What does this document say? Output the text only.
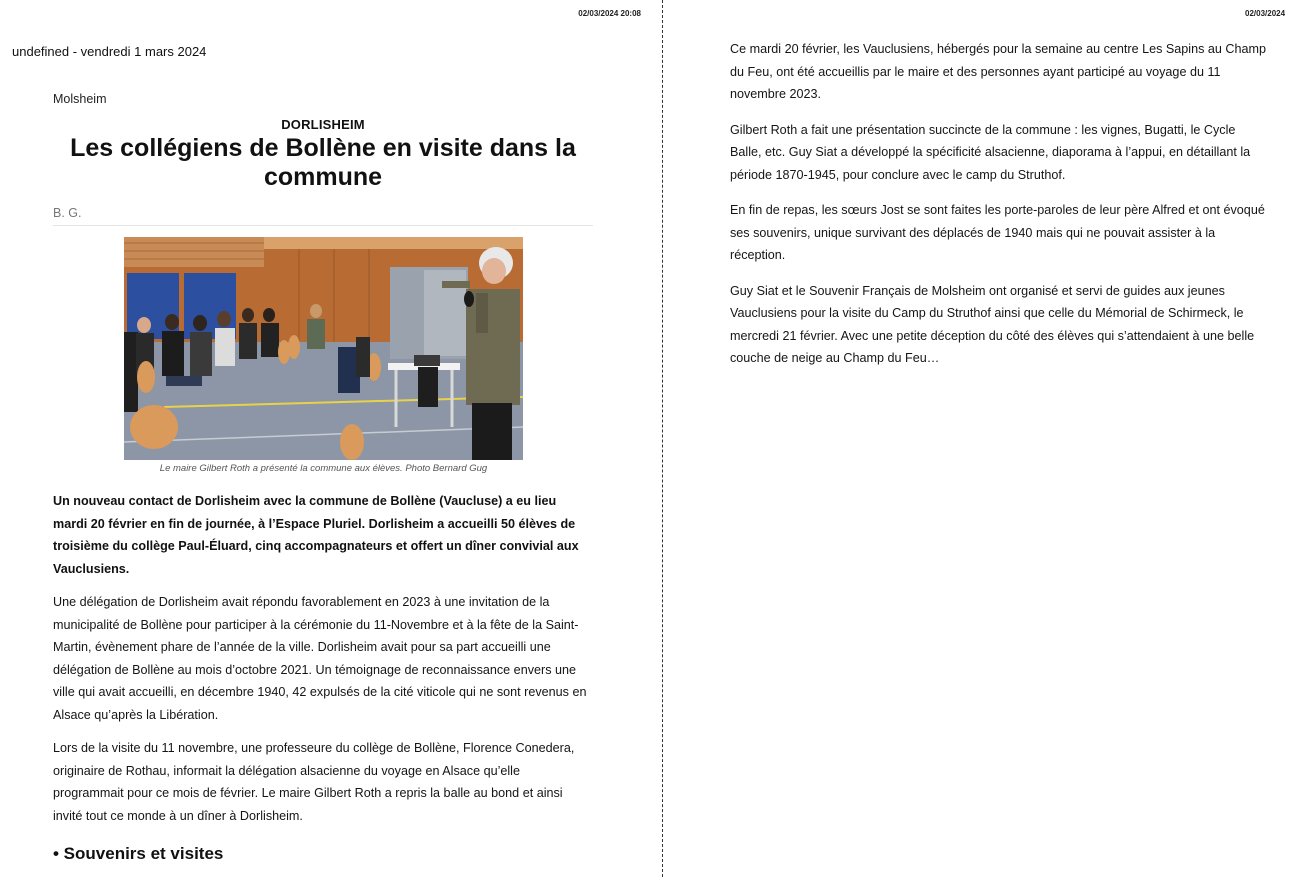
02/03/2024 20:08
undefined - vendredi 1 mars 2024
Molsheim
DORLISHEIM
Les collégiens de Bollène en visite dans la commune
B. G.
Le maire Gilbert Roth a présenté la commune aux élèves. Photo Bernard Gug

Un nouveau contact de Dorlisheim avec la commune de Bollène (Vaucluse) a eu lieu mardi 20 février en fin de journée, à l’Espace Pluriel. Dorlisheim a accueilli 50 élèves de troisième du collège Paul-Éluard, cinq accompagnateurs et offert un dîner convivial aux Vauclusiens.

Une délégation de Dorlisheim avait répondu favorablement en 2023 à une invitation de la municipalité de Bollène pour participer à la cérémonie du 11-Novembre et à la fête de la Saint-Martin, évènement phare de l’année de la ville. Dorlisheim avait pour sa part accueilli une délégation de Bollène au mois d’octobre 2021. Un témoignage de reconnaissance envers une ville qui avait accueilli, en décembre 1940, 42 expulsés de la cité viticole qui ne sont revenus en Alsace qu’après la Libération.

Lors de la visite du 11 novembre, une professeure du collège de Bollène, Florence Conedera, originaire de Rothau, informait la délégation alsacienne du voyage en Alsace qu’elle programmait pour ce mois de février. Le maire Gilbert Roth a repris la balle au bond et ainsi invité tout ce monde à un dîner à Dorlisheim.

• Souvenirs et visites
02/03/2024

Ce mardi 20 février, les Vauclusiens, hébergés pour la semaine au centre Les Sapins au Champ du Feu, ont été accueillis par le maire et des personnes ayant participé au voyage du 11 novembre 2023.

Gilbert Roth a fait une présentation succincte de la commune : les vignes, Bugatti, le Cycle Balle, etc. Guy Siat a développé la spécificité alsacienne, diaporama à l’appui, en détaillant la période 1870-1945, pour conclure avec le camp du Struthof.

En fin de repas, les sœurs Jost se sont faites les porte-paroles de leur père Alfred et ont évoqué ses souvenirs, unique survivant des déplacés de 1940 mais qui ne pouvait assister à la réception.

Guy Siat et le Souvenir Français de Molsheim ont organisé et servi de guides aux jeunes Vauclusiens pour la visite du Camp du Struthof ainsi que celle du Mémorial de Schirmeck, le mercredi 21 février. Avec une petite déception du côté des élèves qui s’attendaient à une belle couche de neige au Champ du Feu…
